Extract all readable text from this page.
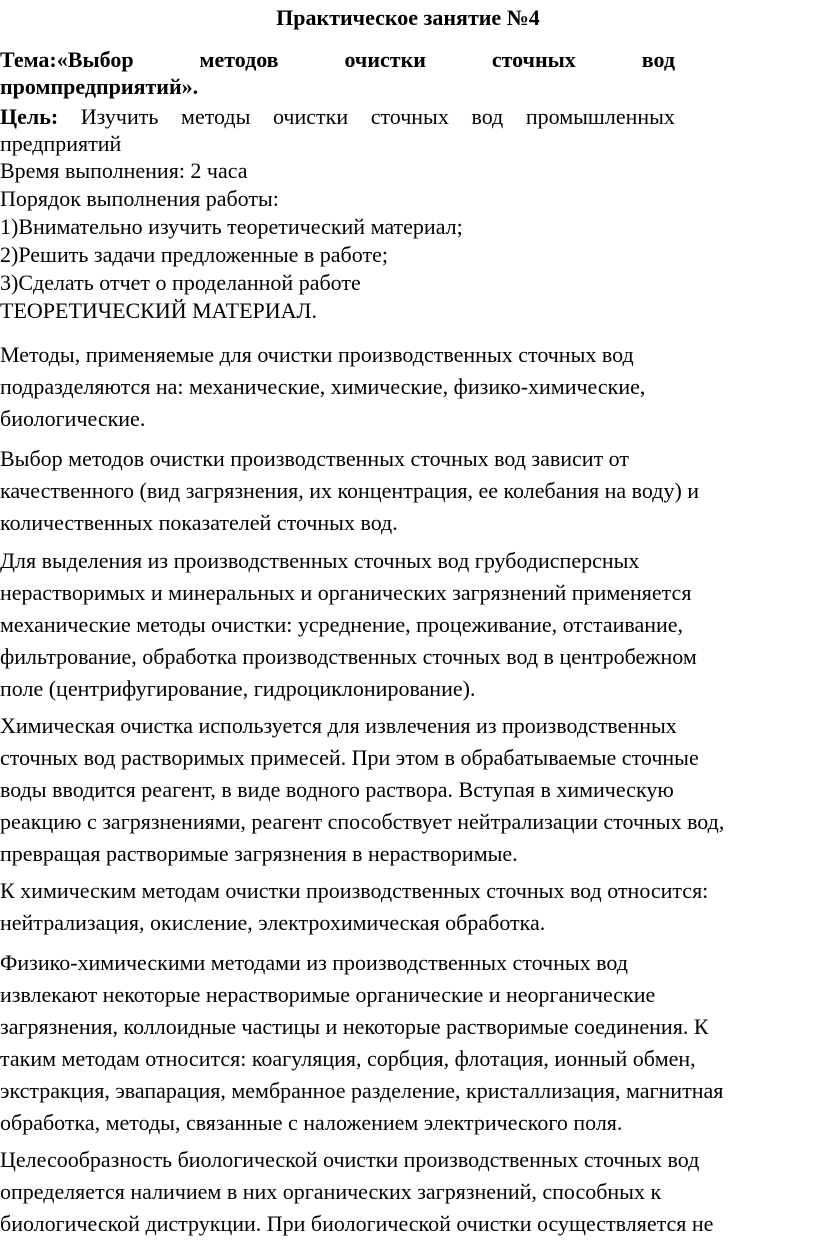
Практическое занятие №4
Тема:«Выбор	методов	очистки	сточных	вод
промпредприятий».
Цель: Изучить методы очистки сточных вод промышленных
предприятий
Время выполнения: 2 часа
Порядок выполнения работы:
1)Внимательно изучить теоретический материал;
2)Решить задачи предложенные в работе;
3)Сделать отчет о проделанной работе
ТЕОРЕТИЧЕСКИЙ МАТЕРИАЛ.
Методы, применяемые для очистки производственных сточных вод
подразделяются на: механические, химические, физико-химические,
биологические.
Выбор методов очистки производственных сточных вод зависит от
качественного (вид загрязнения, их концентрация, ее колебания на воду) и
количественных показателей сточных вод.
Для выделения из производственных сточных вод грубодисперсных
нерастворимых и минеральных и органических загрязнений применяется
механические методы очистки: усреднение, процеживание, отстаивание,
фильтрование, обработка производственных сточных вод в центробежном
поле (центрифугирование, гидроциклонирование).
Химическая очистка используется для извлечения из производственных
сточных вод растворимых примесей. При этом в обрабатываемые сточные
воды вводится реагент, в виде водного раствора. Вступая в химическую
реакцию с загрязнениями, реагент способствует нейтрализации сточных вод,
превращая растворимые загрязнения в нерастворимые.
К химическим методам очистки производственных сточных вод относится:
нейтрализация, окисление, электрохимическая обработка.
Физико-химическими методами из производственных сточных вод
извлекают некоторые нерастворимые органические и неорганические
загрязнения, коллоидные частицы и некоторые растворимые соединения. К
таким методам относится: коагуляция, сорбция, флотация, ионный обмен,
экстракция, эвапарация, мембранное разделение, кристаллизация, магнитная
обработка, методы, связанные с наложением электрического поля.
Целесообразность биологической очистки производственных сточных вод
определяется наличием в них органических загрязнений, способных к
биологической диструкции. При биологической очистки осуществляется не
